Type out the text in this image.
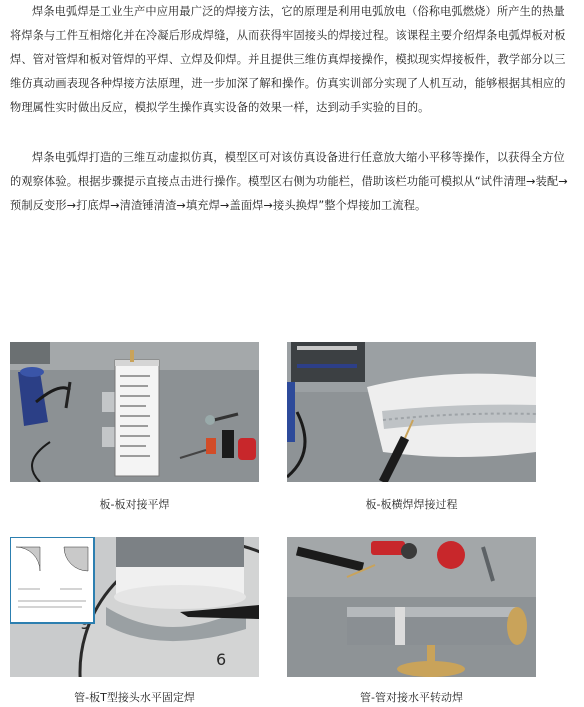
焊条电弧焊是工业生产中应用最广泛的焊接方法，它的原理是利用电弧放电（俗称电弧燃烧）所产生的热量将焊条与工件互相熔化并在冷凝后形成焊缝，从而获得牢固接头的焊接过程。该课程主要介绍焊条电弧焊板对板焊、管对管焊和板对管焊的平焊、立焊及仰焊。并且提供三维仿真焊接操作，模拟现实焊接板件，教学部分以三维仿真动画表现各种焊接方法原理，进一步加深了解和操作。仿真实训部分实现了人机互动，能够根据其相应的物理属性实时做出反应，模拟学生操作真实设备的效果一样，达到动手实验的目的。

焊条电弧焊打造的三维互动虚拟仿真，模型区可对该仿真设备进行任意放大缩小平移等操作，以获得全方位的观察体验。根据步骤提示直接点击进行操作。模型区右侧为功能栏，借助该栏功能可模拟从“试件清理→装配→预制反变形→打底焊→清渣锤清渣→填充焊→盖面焊→接头换焊”整个焊接加工流程。

板-板对接平焊	板-板横焊焊接过程
6
管-板T型接头水平固定焊	管-管对接水平转动焊
